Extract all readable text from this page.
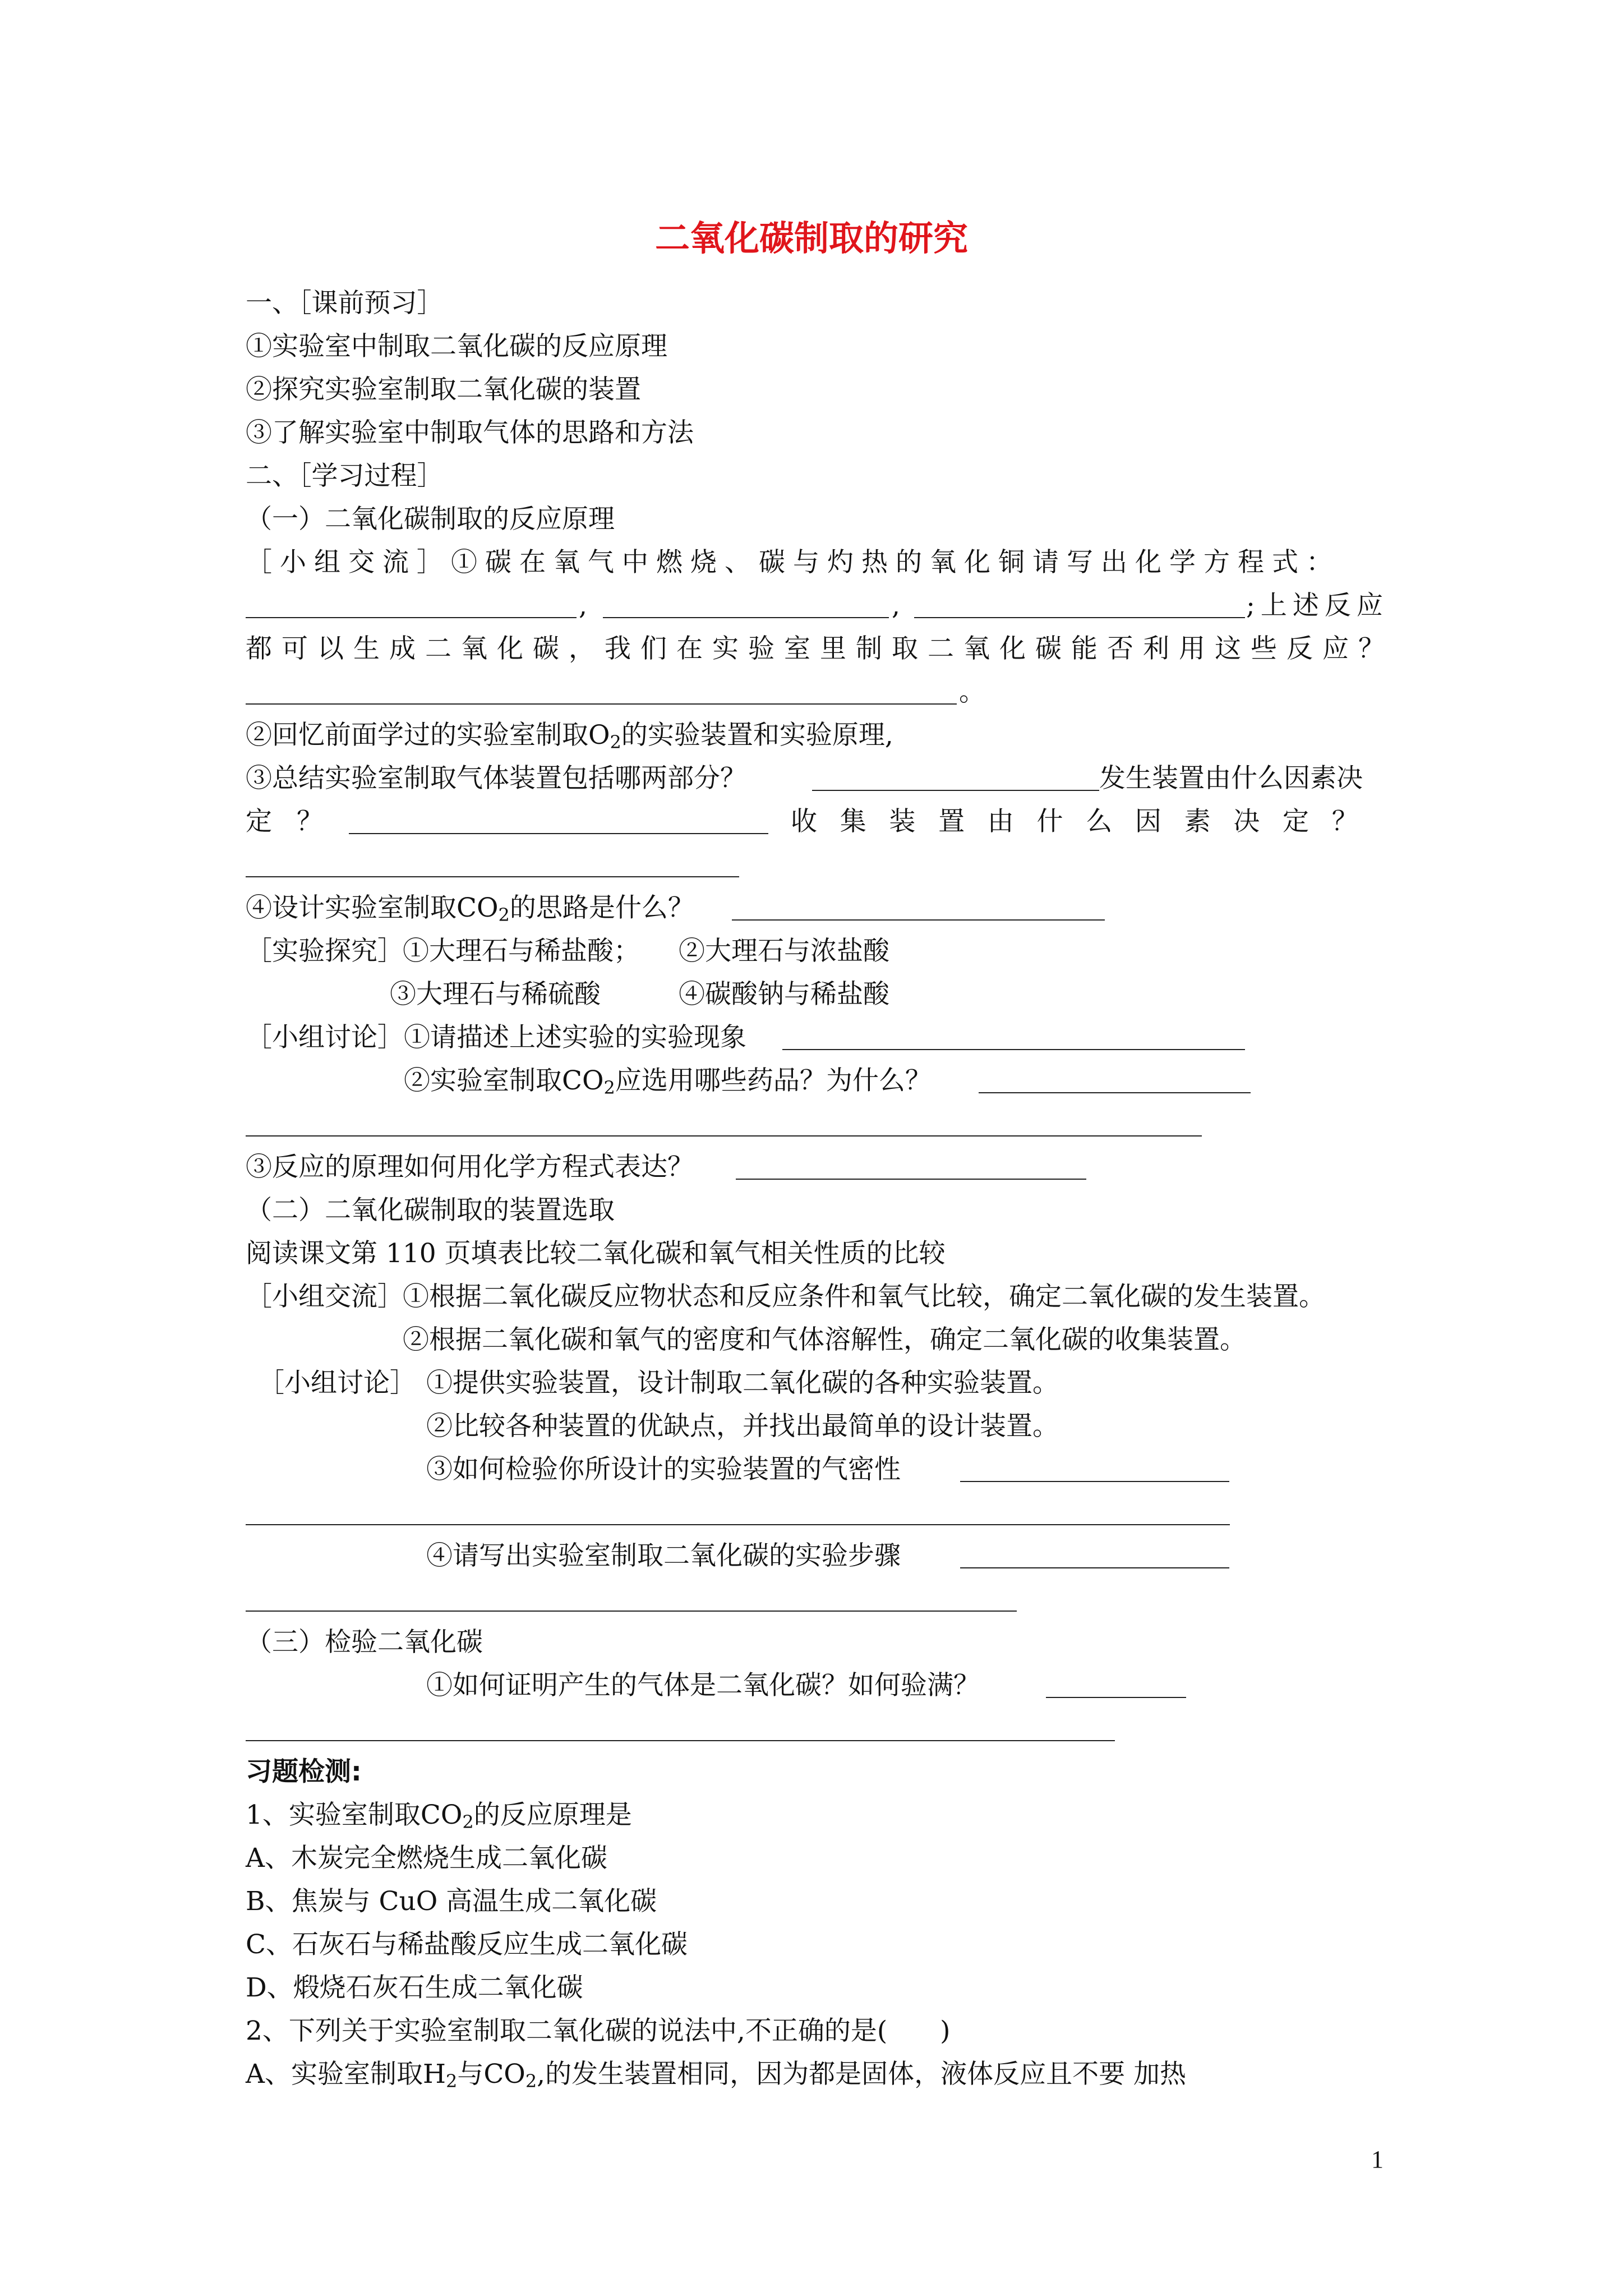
二氧化碳制取的研究
一、［课前预习］
①实验室中制取二氧化碳的反应原理
②探究实验室制取二氧化碳的装置
③了解实验室中制取气体的思路和方法
二、［学习过程］
（一）二氧化碳制取的反应原理
［小组交流］①碳在氧气中燃烧、碳与灼热的氧化铜请写出化学方程式：
,	,	;上述反应
都可以生成二氧化碳，我们在实验室里制取二氧化碳能否利用这些反应？
。
②回忆前面学过的实验室制取$O_2$的实验装置和实验原理,
③总结实验室制取气体装置包括哪两部分？	发生装置由什么因素决
定？	收集装置由什么因素决定？
④设计实验室制取$CO_2$的思路是什么？
［实验探究］
①大理石与稀盐酸； ②大理石与浓盐酸
③大理石与稀硫酸	④碳酸钠与稀盐酸
［小组讨论］ ①请描述上述实验的实验现象
②实验室制取$CO_2$应选用哪些药品？为什么？
③反应的原理如何用化学方程式表达？
（二）二氧化碳制取的装置选取
阅读课文第 110 页填表比较二氧化碳和氧气相关性质的比较
［小组交流］
①根据二氧化碳反应物状态和反应条件和氧气比较，确定二氧化碳的发生装置。
②根据二氧化碳和氧气的密度和气体溶解性，确定二氧化碳的收集装置。
［小组讨论］ ①提供实验装置，设计制取二氧化碳的各种实验装置。
②比较各种装置的优缺点，并找出最简单的设计装置。
③如何检验你所设计的实验装置的气密性
④请写出实验室制取二氧化碳的实验步骤
（三）检验二氧化碳
①如何证明产生的气体是二氧化碳？如何验满？
习题检测:
1、实验室制取$CO_2$的反应原理是
A、木炭完全燃烧生成二氧化碳
B、焦炭与 CuO 高温生成二氧化碳
C、石灰石与稀盐酸反应生成二氧化碳
D、煅烧石灰石生成二氧化碳
2、下列关于实验室制取二氧化碳的说法中,不正确的是(　　)
A、实验室制取$H_2$与$CO_2$,的发生装置相同，因为都是固体，液体反应且不要 加热
1
